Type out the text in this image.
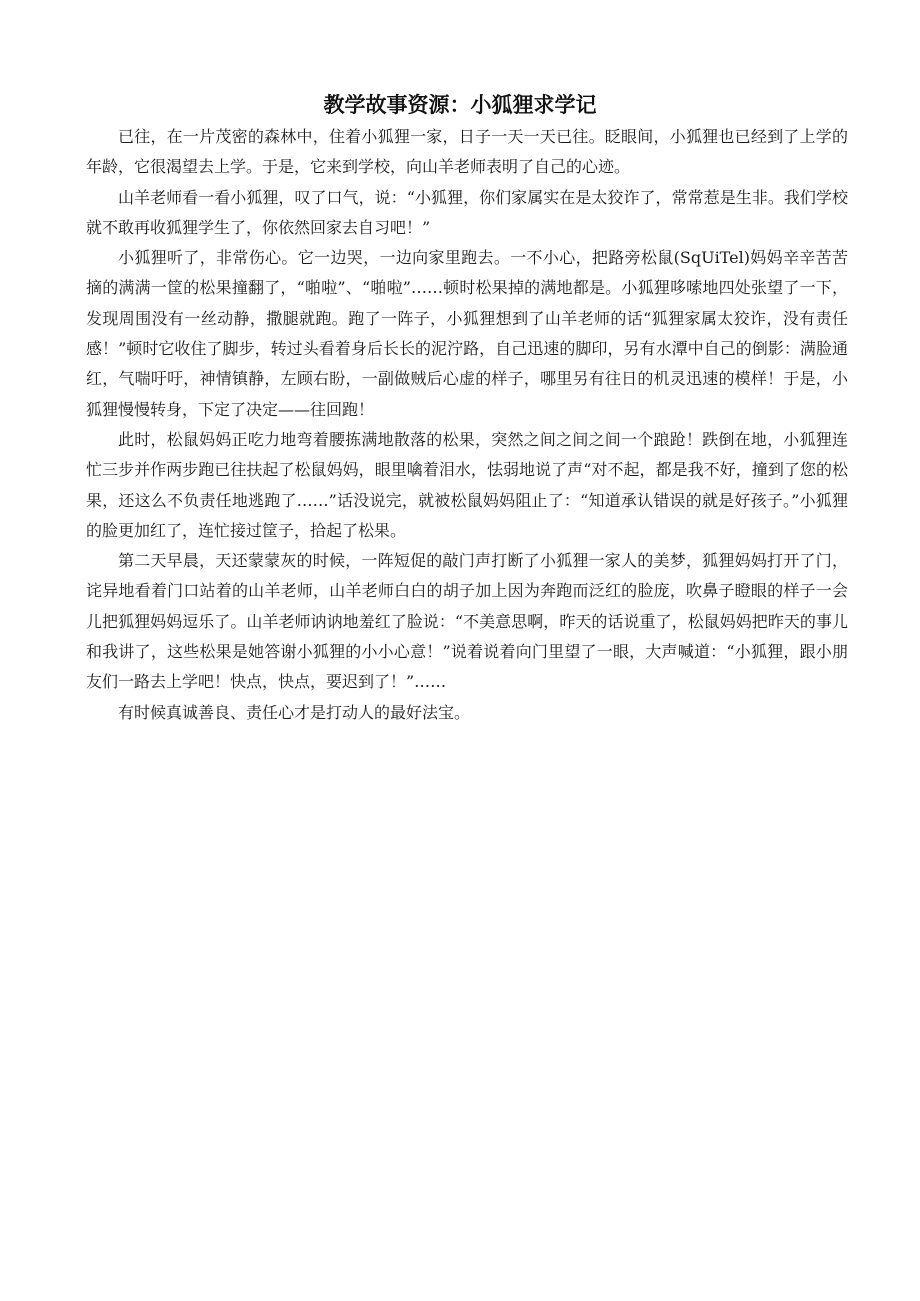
教学故事资源：小狐狸求学记

已往，在一片茂密的森林中，住着小狐狸一家，日子一天一天已往。眨眼间，小狐狸也已经到了上学的年龄，它很渴望去上学。于是，它来到学校，向山羊老师表明了自己的心迹。

山羊老师看一看小狐狸，叹了口气，说：“小狐狸，你们家属实在是太狡诈了，常常惹是生非。我们学校就不敢再收狐狸学生了，你依然回家去自习吧！”

小狐狸听了，非常伤心。它一边哭，一边向家里跑去。一不小心，把路旁松鼠(SqUiTel)妈妈辛辛苦苦摘的满满一筐的松果撞翻了，“啪啦”、“啪啦”……顿时松果掉的满地都是。小狐狸哆嗦地四处张望了一下，发现周围没有一丝动静，撒腿就跑。跑了一阵子，小狐狸想到了山羊老师的话“狐狸家属太狡诈，没有责任感！”顿时它收住了脚步，转过头看着身后长长的泥泞路，自己迅速的脚印，另有水潭中自己的倒影：满脸通红，气喘吁吁，神情镇静，左顾右盼，一副做贼后心虚的样子，哪里另有往日的机灵迅速的模样！于是，小狐狸慢慢转身，下定了决定——往回跑！

此时，松鼠妈妈正吃力地弯着腰拣满地散落的松果，突然之间之间之间一个踉跄！跌倒在地，小狐狸连忙三步并作两步跑已往扶起了松鼠妈妈，眼里噙着泪水，怯弱地说了声“对不起，都是我不好，撞到了您的松果，还这么不负责任地逃跑了……”话没说完，就被松鼠妈妈阻止了：“知道承认错误的就是好孩子。”小狐狸的脸更加红了，连忙接过筐子，拾起了松果。

第二天早晨，天还蒙蒙灰的时候，一阵短促的敲门声打断了小狐狸一家人的美梦，狐狸妈妈打开了门，诧异地看着门口站着的山羊老师，山羊老师白白的胡子加上因为奔跑而泛红的脸庞，吹鼻子瞪眼的样子一会儿把狐狸妈妈逗乐了。山羊老师讷讷地羞红了脸说：“不美意思啊，昨天的话说重了，松鼠妈妈把昨天的事儿和我讲了，这些松果是她答谢小狐狸的小小心意！”说着说着向门里望了一眼，大声喊道：“小狐狸，跟小朋友们一路去上学吧！快点，快点，要迟到了！”……

有时候真诚善良、责任心才是打动人的最好法宝。
